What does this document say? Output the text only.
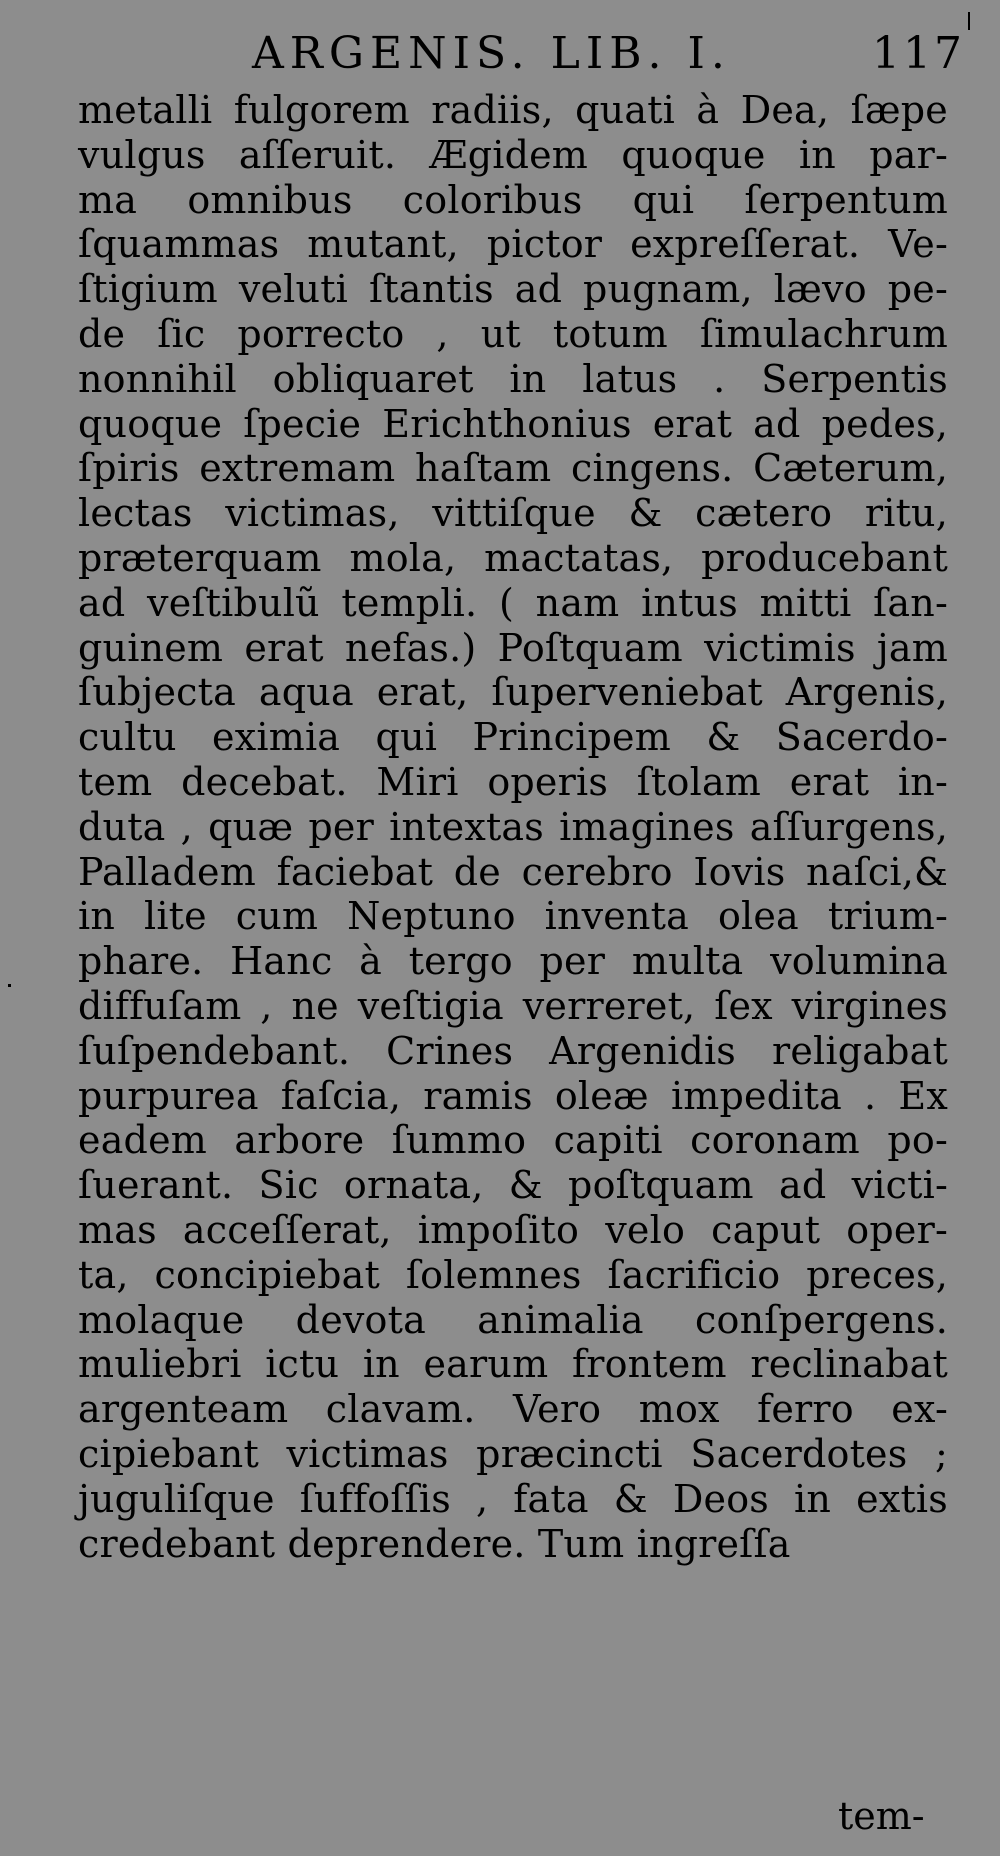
ARGENIS. LIB. I.	117
metalli fulgorem radiis, quati à Dea, ſæpe
vulgus aſſeruit. Ægidem quoque in par-
ma omnibus coloribus qui ſerpentum
ſquammas mutant, pictor expreſſerat. Ve-
ſtigium veluti ſtantis ad pugnam, lævo pe-
de ſic porrecto , ut totum ſimulachrum
nonnihil obliquaret in latus . Serpentis
quoque ſpecie Erichthonius erat ad pedes,
ſpiris extremam haſtam cingens. Cæterum,
lectas victimas, vittiſque & cætero ritu,
præterquam mola, mactatas, producebant
ad veſtibulũ templi. ( nam intus mitti ſan-
guinem erat nefas.) Poſtquam victimis jam
ſubjecta aqua erat, ſuperveniebat Argenis,
cultu eximia qui Principem & Sacerdo-
tem decebat. Miri operis ſtolam erat in-
duta , quæ per intextas imagines aſſurgens,
Palladem faciebat de cerebro Iovis naſci,&
in lite cum Neptuno inventa olea trium-
phare. Hanc à tergo per multa volumina
diffuſam , ne veſtigia verreret, ſex virgines
ſuſpendebant. Crines Argenidis religabat
purpurea faſcia, ramis oleæ impedita . Ex
eadem arbore ſummo capiti coronam po-
ſuerant. Sic ornata, & poſtquam ad victi-
mas acceſſerat, impoſito velo caput oper-
ta, concipiebat ſolemnes ſacrificio preces,
molaque devota animalia conſpergens.
muliebri ictu in earum frontem reclinabat
argenteam clavam. Vero mox ferro ex-
cipiebant victimas præcincti Sacerdotes ;
juguliſque ſuffoſſis , fata & Deos in extis
credebant deprendere. Tum ingreſſa
tem-
